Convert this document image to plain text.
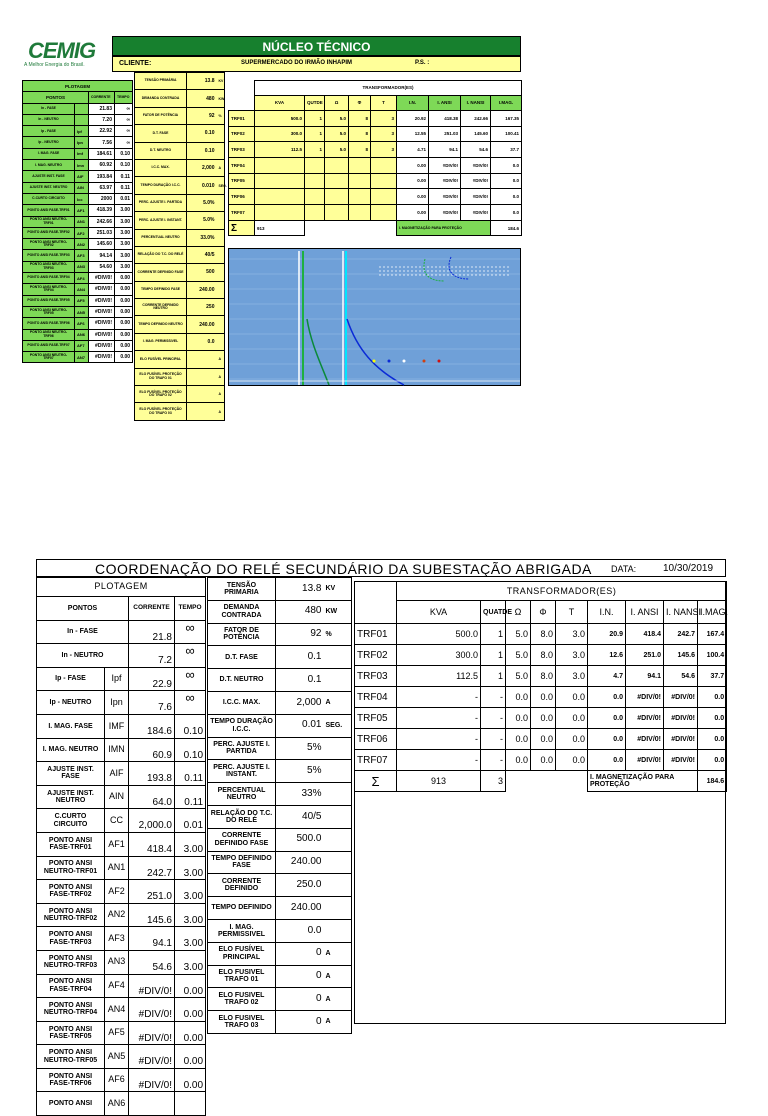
CEMIG
A Melhor Energia do Brasil.
NÚCLEO TÉCNICO
CLIENTE:	SUPERMERCADO DO IRMÃO INHAPIM	P.S. :
PLOTAGEM			
PONTOS		CORRENTE	TEMPO
In - FASE		21.83	∞
In - NEUTRO		7.20	∞
Ip - FASE	Ipf	22.92	∞
Ip - NEUTRO	Ipn	7.56	∞
I. MAG. FASE	Imf	184.61	0.10
I. MAG. NEUTRO	Imn	60.92	0.10
AJUSTE INST. FASE	AIF	193.84	0.11
AJUSTE INST. NEUTRO	AIN	63.97	0.11
C.CURTO CIRCUITO	Icc	2000	0.01
PONTO ANSI FASE-TRF01	AF1	418.39	3.00
PONTO ANSI NEUTRO-TRF01	AN1	242.66	3.00
PONTO ANSI FASE-TRF02	AF2	251.03	3.00
PONTO ANSI NEUTRO-TRF02	AN2	145.60	3.00
PONTO ANSI FASE-TRF03	AF3	94.14	3.00
PONTO ANSI NEUTRO-TRF03	AN3	54.60	3.00
PONTO ANSI FASE-TRF04	AF4	#DIV/0!	0.00
PONTO ANSI NEUTRO-TRF04	AN4	#DIV/0!	0.00
PONTO ANSI FASE-TRF05	AF5	#DIV/0!	0.00
PONTO ANSI NEUTRO-TRF05	AN5	#DIV/0!	0.00
PONTO ANSI FASE-TRF06	AF6	#DIV/0!	0.00
PONTO ANSI NEUTRO-TRF06	AN6	#DIV/0!	0.00
PONTO ANSI FASE-TRF07	AF7	#DIV/0!	0.00
PONTO ANSI NEUTRO-TRF07	AN7	#DIV/0!	0.00
TENSÃO PRIMÁRIA	13.8	KV
DEMANDA CONTRADA	480	KW
FATOR DE POTÊNCIA	92	%
D.T. FASE	0.10	
D.T. NEUTRO	0.10	
I.C.C. MAX.	2,000	A
TEMPO DURAÇÃO I.C.C.	0.010	SEG.
PERC. AJUSTE I. PARTIDA	5.0%	
PERC. AJUSTE I. INSTANT.	5.0%	
PERCENTUAL NEUTRO	33.0%	
RELAÇÃO DO T.C. DO RELÉ	40/5	
CORRENTE DEFINIDO FASE	500	
TEMPO DEFINIDO FASE	240.00	
CORRENTE DEFINIDO NEUTRO	250	
TEMPO DEFINIDO NEUTRO	240.00	
I. MAG. PERMISSIVEL	0.0	
ELO FUSÍVEL PRINCIPAL		A
ELO FUSÍVEL PROTEÇÃO DO TRAFO 01		A
ELO FUSÍVEL PROTEÇÃO DO TRAFO 02		A
ELO FUSÍVEL PROTEÇÃO DO TRAFO 03		A
	TRANSFORMADOR(ES)								
	KVA	QUTDE	Ω	Φ	T	I.N.	I. ANSI	I. NANSI	I.MAG.
TRF01	500.0	1	5.0	8	3	20.92	418.38	242.66	167.35
TRF02	300.0	1	5.0	8	3	12.55	251.03	145.60	100.41
TRF03	112.5	1	5.0	8	3	4.71	94.1	54.6	37.7
TRF04						0.00	#DIV/0!	#DIV/0!	0.0
TRF05						0.00	#DIV/0!	#DIV/0!	0.0
TRF06						0.00	#DIV/0!	#DIV/0!	0.0
TRF07						0.00	#DIV/0!	#DIV/0!	0.0
Σ	913					I. MAGNETIZAÇÃO PARA PROTEÇÃO			184.6
COORDENAÇÃO DO RELÉ SECUNDÁRIO DA SUBESTAÇÃO ABRIGADA DATA:	10/30/2019
PLOTAGEM			
PONTOS		CORRENTE	TEMPO
In - FASE		21.8	∞
In - NEUTRO		7.2	∞
Ip - FASE	Ipf	22.9	∞
Ip - NEUTRO	Ipn	7.6	∞
I. MAG. FASE	IMF	184.6	0.10
I. MAG. NEUTRO	IMN	60.9	0.10
AJUSTE INST. FASE	AIF	193.8	0.11
AJUSTE INST. NEUTRO	AIN	64.0	0.11
C.CURTO CIRCUITO	CC	2,000.0	0.01
PONTO ANSI FASE-TRF01	AF1	418.4	3.00
PONTO ANSI NEUTRO-TRF01	AN1	242.7	3.00
PONTO ANSI FASE-TRF02	AF2	251.0	3.00
PONTO ANSI NEUTRO-TRF02	AN2	145.6	3.00
PONTO ANSI FASE-TRF03	AF3	94.1	3.00
PONTO ANSI NEUTRO-TRF03	AN3	54.6	3.00
PONTO ANSI FASE-TRF04	AF4	#DIV/0!	0.00
PONTO ANSI NEUTRO-TRF04	AN4	#DIV/0!	0.00
PONTO ANSI FASE-TRF05	AF5	#DIV/0!	0.00
PONTO ANSI NEUTRO-TRF05	AN5	#DIV/0!	0.00
PONTO ANSI FASE-TRF06	AF6	#DIV/0!	0.00
PONTO ANSI	AN6		
TENSÃO PRIMARIA	13.8	KV
DEMANDA CONTRADA	480	KW
FATOR DE POTÊNCIA	92	%
D.T. FASE	0.1	
D.T. NEUTRO	0.1	
I.C.C. MAX.	2,000	A
TEMPO DURAÇÃO I.C.C.	0.01	SEG.
PERC. AJUSTE I. PARTIDA	5%	
PERC. AJUSTE I. INSTANT.	5%	
PERCENTUAL NEUTRO	33%	
RELAÇÃO DO T.C. DO RELÉ	40/5	
CORRENTE DEFINIDO FASE	500.0	
TEMPO DEFINIDO FASE	240.00	
CORRENTE DEFINIDO	250.0	
TEMPO DEFINIDO	240.00	
I. MAG. PERMISSIVEL	0.0	
ELO FUSÍVEL PRINCIPAL	0	A
ELO FUSIVEL TRAFO 01	0	A
ELO FUSIVEL TRAFO 02	0	A
ELO FUSIVEL TRAFO 03	0	A
	TRANSFORMADOR(ES)								
	KVA	QUATDE	Ω	Φ	T	I.N.	I. ANSI	I. NANSI	I.MAG.
TRF01	500.0	1	5.0	8.0	3.0	20.9	418.4	242.7	167.4
TRF02	300.0	1	5.0	8.0	3.0	12.6	251.0	145.6	100.4
TRF03	112.5	1	5.0	8.0	3.0	4.7	94.1	54.6	37.7
TRF04	-	-	0.0	0.0	0.0	0.0	#DIV/0!	#DIV/0!	0.0
TRF05	-	-	0.0	0.0	0.0	0.0	#DIV/0!	#DIV/0!	0.0
TRF06	-	-	0.0	0.0	0.0	0.0	#DIV/0!	#DIV/0!	0.0
TRF07	-	-	0.0	0.0	0.0	0.0	#DIV/0!	#DIV/0!	0.0
Σ	913	3				I. MAGNETIZAÇÃO PARA PROTEÇÃO			184.6
